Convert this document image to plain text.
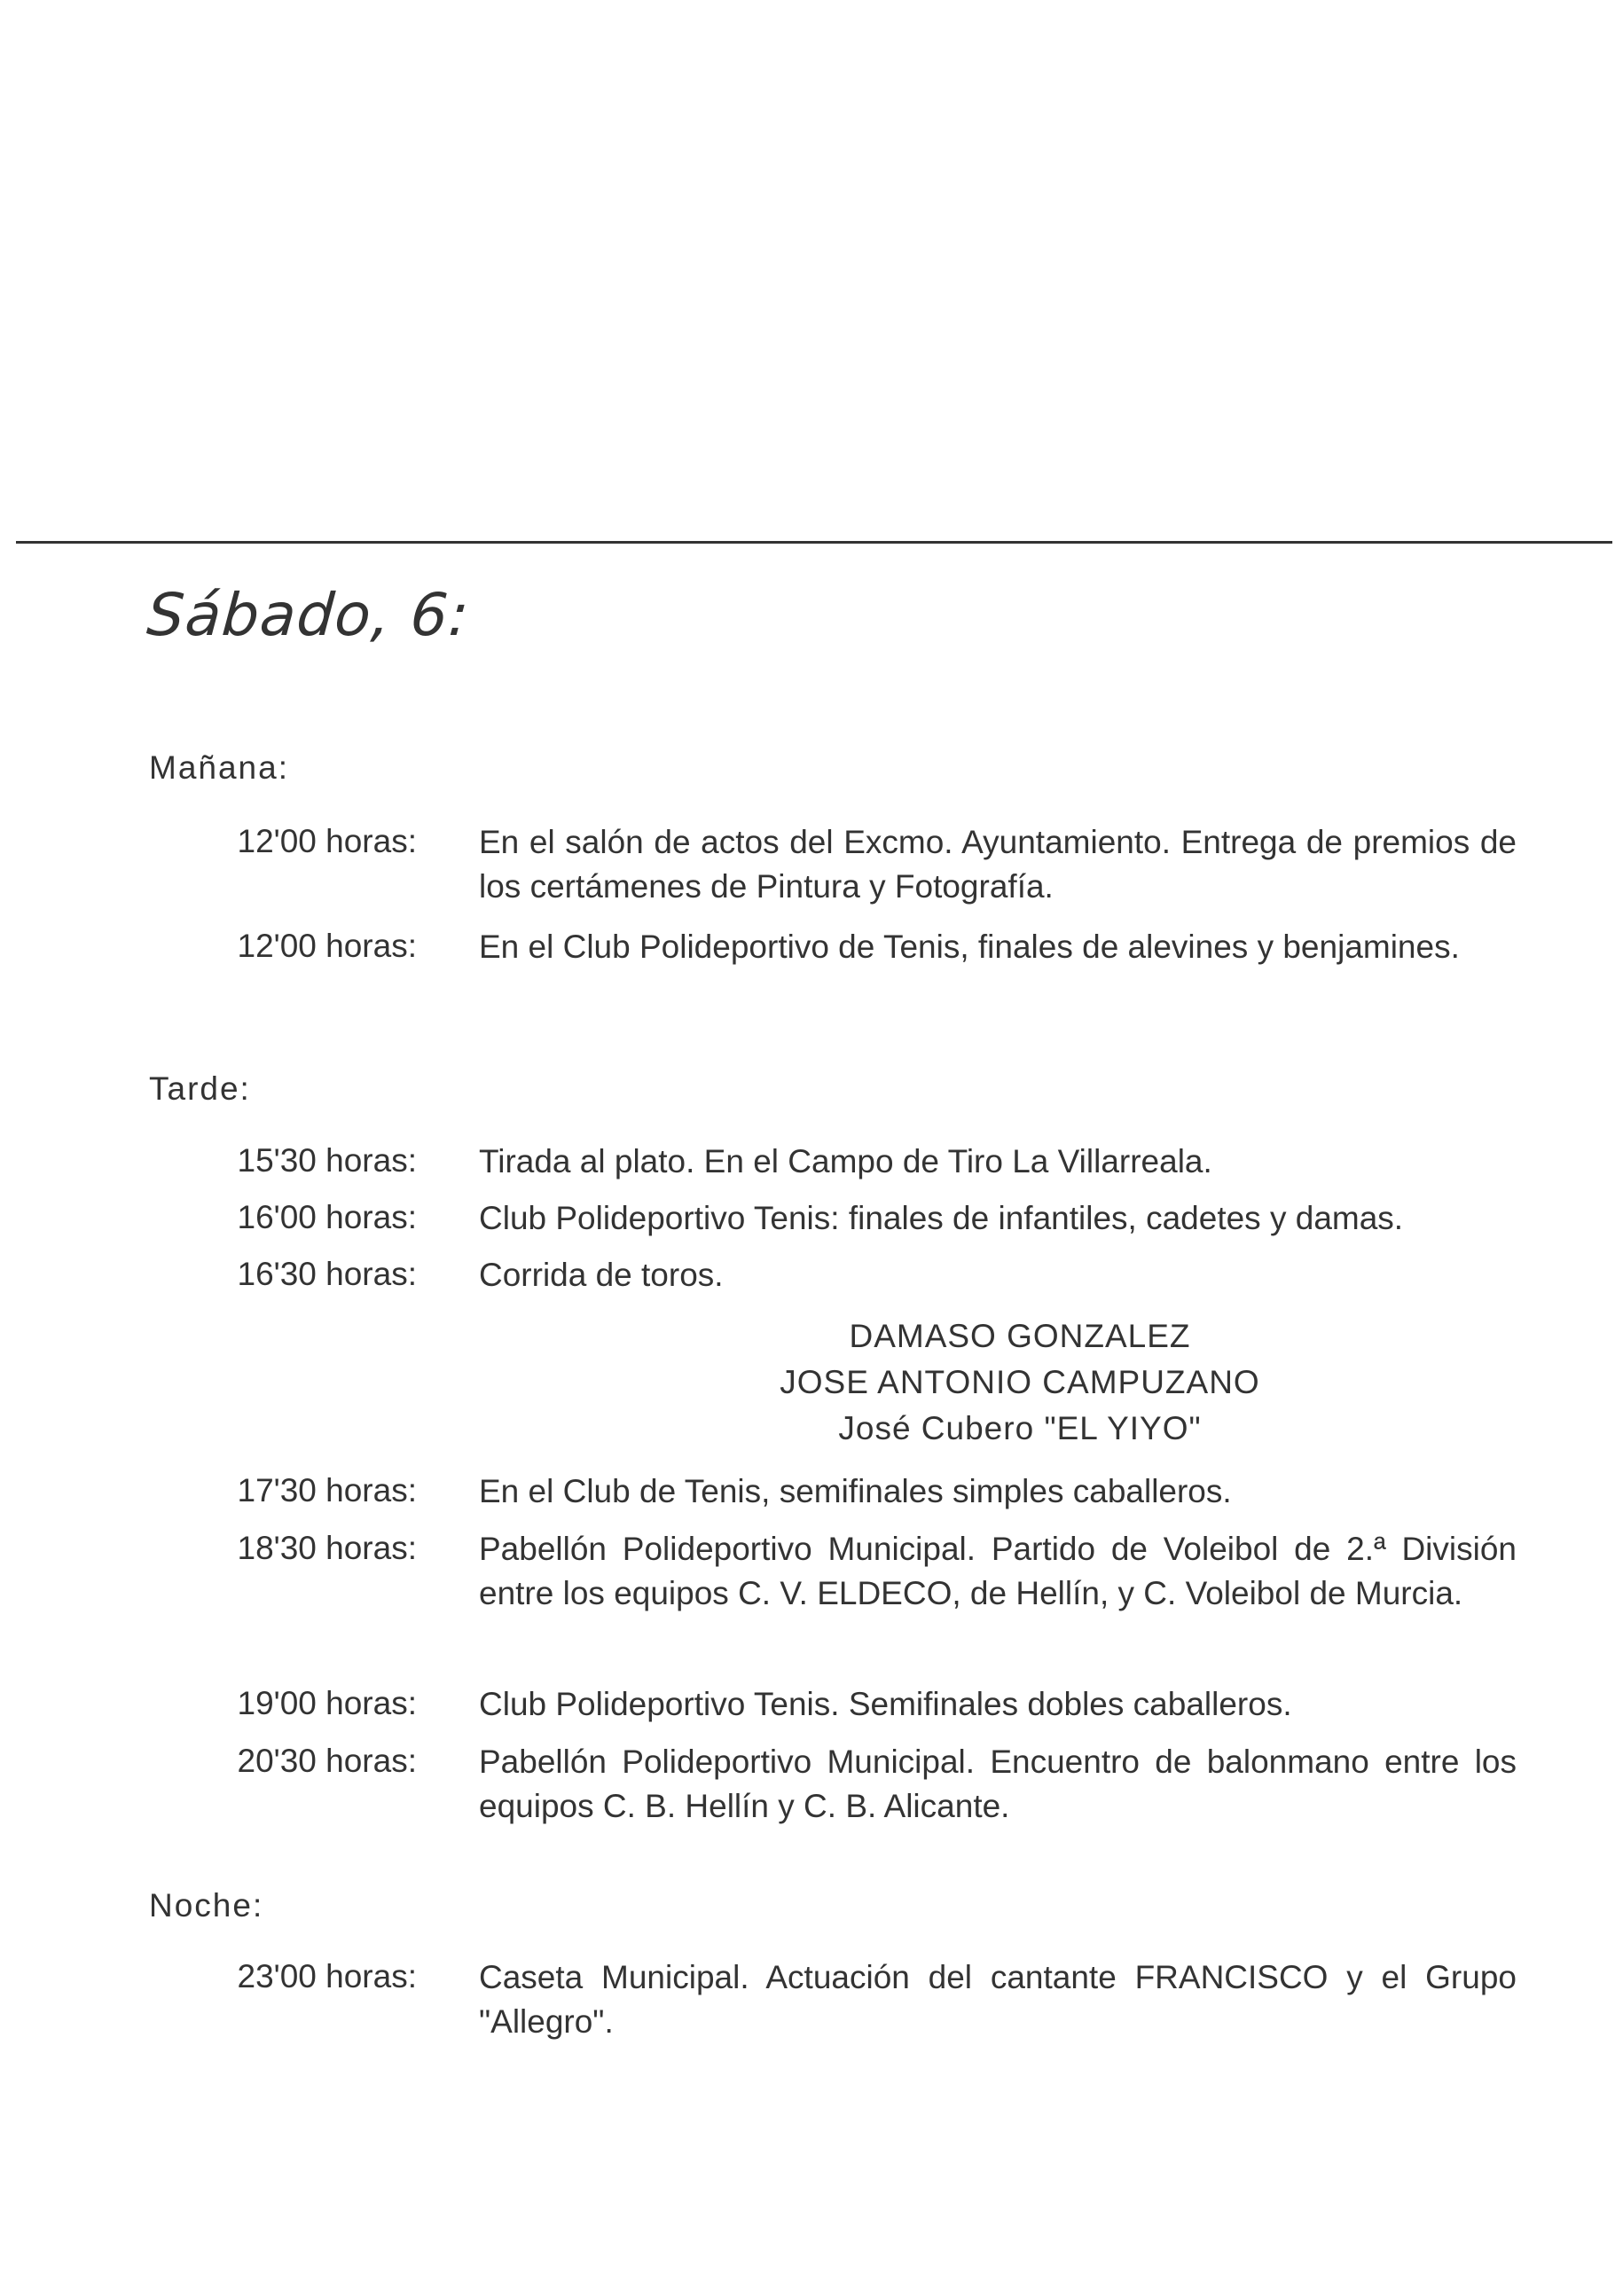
Sábado, 6:
Mañana:
12'00 horas: En el salón de actos del Excmo. Ayuntamiento. Entrega de premios de los certámenes de Pintura y Fotografía.
12'00 horas: En el Club Polideportivo de Tenis, finales de alevines y benjamines.
Tarde:
15'30 horas: Tirada al plato. En el Campo de Tiro La Villarreala.
16'00 horas: Club Polideportivo Tenis: finales de infantiles, cadetes y damas.
16'30 horas: Corrida de toros.
DAMASO GONZALEZ
JOSE ANTONIO CAMPUZANO
José Cubero "EL YIYO"
17'30 horas: En el Club de Tenis, semifinales simples caballeros.
18'30 horas: Pabellón Polideportivo Municipal. Partido de Voleibol de 2.ª División entre los equipos C. V. ELDECO, de Hellín, y C. Voleibol de Murcia.
19'00 horas: Club Polideportivo Tenis. Semifinales dobles caballeros.
20'30 horas: Pabellón Polideportivo Municipal. Encuentro de balonmano entre los equipos C. B. Hellín y C. B. Alicante.
Noche:
23'00 horas: Caseta Municipal. Actuación del cantante FRANCISCO y el Grupo "Allegro".
